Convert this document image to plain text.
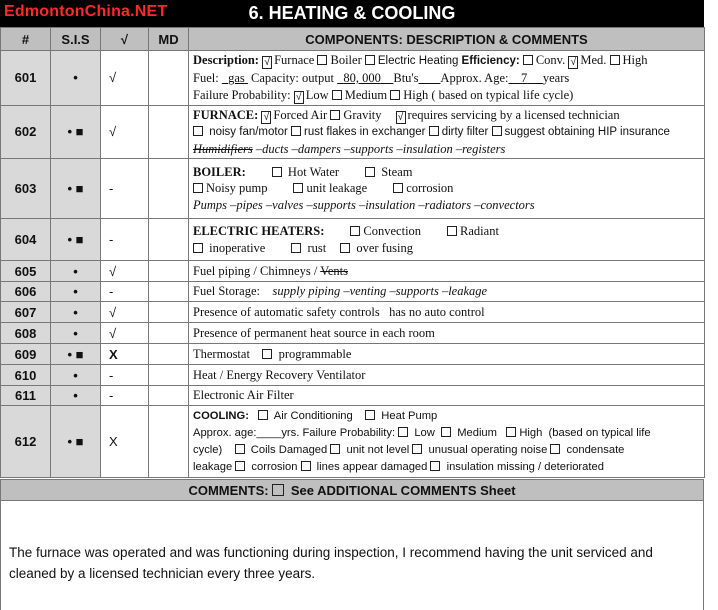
EdmontonChina.NET	6. HEATING & COOLING
#	S.I.S	√	MD	COMPONENTS: DESCRIPTION & COMMENTS
601	•	√		Description: √ Furnace Boiler Electric Heating Efficiency: Conv. √ Med. High
Fuel: gas Capacity: output 80, 000 Btu's Approx. Age: 7 years
Failure Probability: √ Low Medium High ( based on typical life cycle)

602	• ■	√		FURNACE: √ Forced Air Gravity √ requires servicing by a licensed technician
noisy fan/motor rust flakes in exchanger dirty filter suggest obtaining HIP insurance
Humidifiers –ducts –dampers –supports –insulation –registers

603	• ■	-		BOILER: Hot Water Steam
Noisy pump unit leakage corrosion
Pumps –pipes –valves –supports –insulation –radiators –convectors

604	• ■	-		ELECTRIC HEATERS: Convection Radiant
inoperative rust over fusing

605	•	√		Fuel piping / Chimneys / Vents
606	•	-		Fuel Storage: supply piping –venting –supports –leakage
607	•	√		Presence of automatic safety controls has no auto control
608	•	√		Presence of permanent heat source in each room
609	• ■	X		Thermostat programmable
610	•	-		Heat / Energy Recovery Ventilator
611	•	-		Electronic Air Filter
612	• ■	X		COOLING: Air Conditioning Heat Pump
Approx. age:____yrs. Failure Probability: Low Medium High (based on typical life
cycle) Coils Damaged unit not level unusual operating noise condensate
leakage corrosion lines appear damaged insulation missing / deteriorated
COMMENTS: See ADDITIONAL COMMENTS Sheet
The furnace was operated and was functioning during inspection, I recommend having the unit serviced and cleaned by a licensed technician every three years.
